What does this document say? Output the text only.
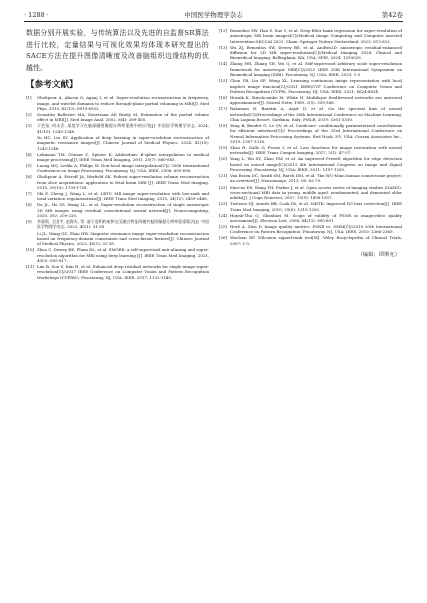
· 1288 ·	中国医学物理学杂志	第42卷

数据分别开展实验，与传统算法以及先进的自监督SR算法进行比较，定量结果与可视化效果均体现本研究提出的SACE方法在提升图像清晰度及改善脑组织边缘结构的优越性。

【参考文献】
[1] Gholipour A, Afacan O, Aganj I, et al. Super-resolution reconstruction in frequency, image, and wavelet domains to reduce through-plane partial voluming in MRI[J]. Med Phys, 2015, 42(12): 6919-6932.
[2] González Ballester MA, Zisserman AP, Brady M. Estimation of the partial volume effect in MRI[J]. Med Image Anal, 2002, 6(4): 389-405.
[3] 于会苗, 何永法. 深度学习在脑部磁图像超分辨率重建中的应用[J]. 中国医学物理学杂志, 2024, 41(10): 1243-1248.
Yu HC, Liu SY. Application of deep learning in super-resolution reconstruction of magnetic resonance images[J]. Chinese Journal of Medical Physics, 2024, 41(10): 1243-1248.
[4] Lehmann TM, Gönner C, Spitzer K. Addendum: B-spline interpolation in medical image processing[J]. IEEE Trans Med Imaging, 2001, 20(7): 660-665.
[5] Luong HQ, Ledda A, Philips W. Non-local image interpolation[C]// 2006 International Conference on Image Processing. Piscataway, NJ, USA: IEEE, 2006: 693-696.
[6] Gholipour A, Estroff JA, Warfield SK. Robust super-resolution volume reconstruction from slice acquisitions: application to fetal brain MRI [J]. IEEE Trans Med Imaging, 2010, 29(10): 1739-1758.
[7] Shi F, Cheng J, Wang L, et al. LRTV: MR image super-resolution with low-rank and total variation regularizations[J]. IEEE Trans Med Imaging, 2015, 34(12): 2459-2466.
[8] Du JL, He ZS, Wang LL, et al. Super-resolution reconstruction of single anisotropic 3D MR images using residual convolutional neural network[J]. Neurocomputing, 2020, 392: 209-220.
[9] 李嘉琪, 王国宇, 赵海夫, 等. 基于卷积约束和交叉融合特征的磁共振图像超分辨率重建算法[J]. 中国医学物理学杂志, 2023, 40(1): 31-38.
Li JL, Wang GZ, Zhao HW. Magnetic resonance image super-resolution reconstruction based on frequency-domain constraints and cross-fusion feature[J]. Chinese Journal of Medical Physics, 2023, 40(1): 31-38.
[10] Zhao C, Dewey BE, Pham DL, et al. SMORE: a self-supervised anti-aliasing and super-resolution algorithm for MRI using deep learning [J]. IEEE Trans Med Imaging, 2021, 40(3): 805-817.
[11] Lim B, Son S, Kim H, et al. Enhanced deep residual networks for single image super-resolution[C]//2017 IEEE Conference on Computer Vision and Pattern Recognition Workshops (CVPRW). Piscataway, NJ, USA: IEEE, 2017: 1132-1140.
[12] Remedios SW, Han S, Xue Y, et al. Deep filter bank regression for super-resolution of anisotropic MR brain images[C]//Medical Image Computing and Computer Assisted Intervention-MICCAI 2022. Cham: Springer Nature Switzerland, 2022: 613-622.
[13] Wu ZJ, Remedios SW, Dewey BE, et al. AniRes2D: anisotropic residual-enhanced diffusion for 2D MR super-resolution[C]//Medical Imaging 2024: Clinical and Biomedical Imaging. Bellingham, WA, USA: SPIE, 2024: 1293029.
[14] Zhang HN, Zhang YH, Wu Q, et al. Self-supervised arbitrary scale super-resolution framework for anisotropic MRI[C]//2023 IEEE 20th International Symposium on Biomedical Imaging (ISBI). Piscataway, NJ, USA: IEEE, 2023: 1-5.
[15] Chen YB, Liu SF, Wang XL. Learning continuous image representation with local implicit image function[C]//2021 IEEE/CVF Conference on Computer Vision and Pattern Recognition (CVPR). Piscataway, NJ, USA: IEEE, 2021: 8624-8634.
[16] Hornik K, Stinchcombe M, White H. Multilayer feedforward networks are universal approximators[J]. Neural Netw, 1989, 2(5): 359-366.
[17] Rahaman N, Baratin A, Arpit D, et al. On the spectral bias of neural networks[C]//Proceedings of the 36th International Conference on Machine Learning. Chia Laguna Resort, Sardinia, Italy: PMLR, 2019: 5301-5310.
[18] Yang B, Bender G, Le QV, et al. Condconv: conditionally parameterized convolutions for efficient inference[C]// Proceedings of the 33rd International Conference on Neural Information Processing Systems. Red Hook, NY, USA: Curran Associates Inc., 2019: 1307-1318.
[19] Zhao H, Gallo O, Frosio I, et al. Loss functions for image restoration with neural networks[J]. IEEE Trans Comput Imaging, 2017, 3(1): 47-57.
[20] Yang L, Wu XY, Zhao DW, et al. An improved Prewitt algorithm for edge detection based on noised image[C]//2011 4th International Congress on Image and Signal Processing. Piscataway, NJ, USA: IEEE, 2011: 1197-1200.
[21] Van Essen DC, Smith SM, Barch DM, et al. The WU-Minn human connectome project: an overview[J]. Neuroimage, 2013, 80: 62-79.
[22] Marcus DS, Wang TH, Parker J, et al. Open access series of imaging studies (OASIS): cross-sectional MRI data in young, middle aged, nondemented, and demented older adults[J]. J Cogn Neurosci, 2007, 19(9): 1498-1507.
[23] Tustison NJ, Avants BB, Cook PA, et al. N4ITK: improved N3 bias correction[J]. IEEE Trans Med Imaging, 2010, 29(6): 1310-1320.
[24] Huynh-Thu Q, Ghanbari M. Scope of validity of PSNR in image/video quality assessment[J]. Electron Lett, 2008, 44(13): 800-801.
[25] Horé A, Ziou D. Image quality metrics: PSNR vs. SSIM[C]//2010 20th International Conference on Pattern Recognition. Piscataway, NJ, USA: IEEE, 2010: 2366-2369.
[26] Woolson RF. Wilcoxon signed-rank test[M]. Wiley Encyclopedia of Clinical Trials, 2007: 1-3.
（编辑：谭斯允）
